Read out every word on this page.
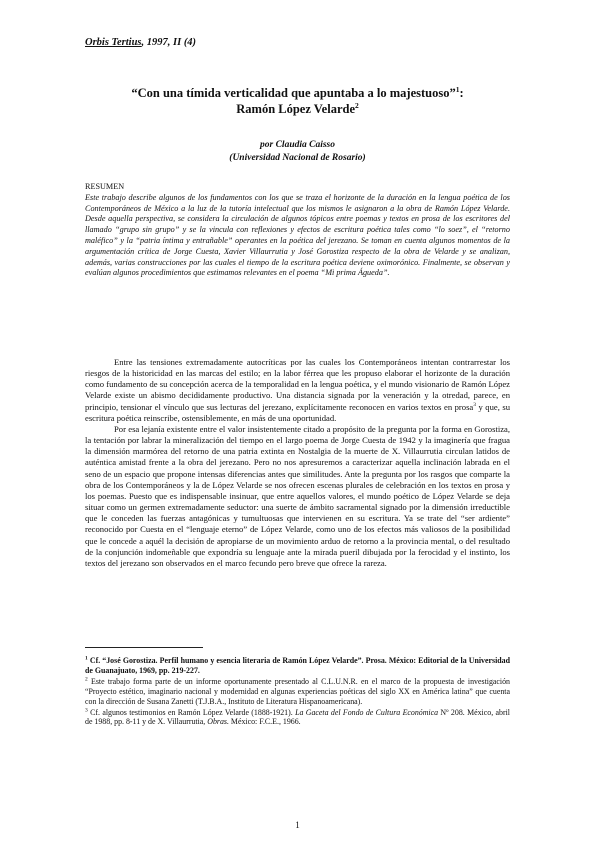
Orbis Tertius, 1997, II (4)
“Con una tímida verticalidad que apuntaba a lo majestuoso”$^1$:
Ramón López Velarde$^2$
por Claudia Caisso
(Universidad Nacional de Rosario)
RESUMEN
Este trabajo describe algunos de los fundamentos con los que se traza el horizonte de la duración en la lengua poética de los Contemporáneos de México a la luz de la tutoría intelectual que los mismos le asignaron a la obra de Ramón López Velarde. Desde aquella perspectiva, se considera la circulación de algunos tópicos entre poemas y textos en prosa de los escritores del llamado “grupo sin grupo” y se la vincula con reflexiones y efectos de escritura poética tales como “lo soez”, el “retorno maléfico” y la “patria íntima y entrañable” operantes en la poética del jerezano. Se toman en cuenta algunos momentos de la argumentación crítica de Jorge Cuesta, Xavier Villaurrutia y José Gorostiza respecto de la obra de Velarde y se analizan, además, varias construcciones por las cuales el tiempo de la escritura poética deviene oximorónico. Finalmente, se observan y evalúan algunos procedimientos que estimamos relevantes en el poema “Mi prima Águeda”.

Entre las tensiones extremadamente autocríticas por las cuales los Contemporáneos intentan contrarrestar los riesgos de la historicidad en las marcas del estilo; en la labor férrea que les propuso elaborar el horizonte de la duración como fundamento de su concepción acerca de la temporalidad en la lengua poética, y el mundo visionario de Ramón López Velarde existe un abismo decididamente productivo. Una distancia signada por la veneración y la otredad, parece, en principio, tensionar el vínculo que sus lecturas del jerezano, explícitamente reconocen en varios textos en prosa$^3$ y que, su escritura poética reinscribe, ostensiblemente, en más de una oportunidad.

Por esa lejanía existente entre el valor insistentemente citado a propósito de la pregunta por la forma en Gorostiza, la tentación por labrar la mineralización del tiempo en el largo poema de Jorge Cuesta de 1942 y la imaginería que fragua la dimensión marmórea del retorno de una patria extinta en Nostalgia de la muerte de X. Villaurrutia circulan latidos de auténtica amistad frente a la obra del jerezano. Pero no nos apresuremos a caracterizar aquella inclinación labrada en el seno de un espacio que propone intensas diferencias antes que similitudes. Ante la pregunta por los rasgos que comparte la obra de los Contemporáneos y la de López Velarde se nos ofrecen escenas plurales de celebración en los textos en prosa y los poemas. Puesto que es indispensable insinuar, que entre aquellos valores, el mundo poético de López Velarde se deja situar como un germen extremadamente seductor: una suerte de ámbito sacramental signado por la dimensión irreductible que le conceden las fuerzas antagónicas y tumultuosas que intervienen en su escritura. Ya se trate del “ser ardiente” reconocido por Cuesta en el “lenguaje eterno” de López Velarde, como uno de los efectos más valiosos de la posibilidad que le concede a aquél la decisión de apropiarse de un movimiento arduo de retorno a la provincia mental, o del resultado de la conjunción indomeñable que expondría su lenguaje ante la mirada pueril dibujada por la ferocidad y el instinto, los textos del jerezano son observados en el marco fecundo pero breve que ofrece la rareza.

$^1$ Cf. “José Gorostiza. Perfil humano y esencia literaria de Ramón López Velarde”. Prosa. México: Editorial de la Universidad de Guanajuato, 1969, pp. 219-227.

$^2$ Este trabajo forma parte de un informe oportunamente presentado al C.L.U.N.R. en el marco de la propuesta de investigación “Proyecto estético, imaginario nacional y modernidad en algunas experiencias poéticas del siglo XX en América latina” que cuenta con la dirección de Susana Zanetti (T.J.B.A., Instituto de Literatura Hispanoamericana).

$^3$ Cf. algunos testimonios en Ramón López Velarde (1888-1921). La Gaceta del Fondo de Cultura Económica Nº 208. México, abril de 1988, pp. 8-11 y de X. Villaurrutia, Obras. México: F.C.E., 1966.

1
